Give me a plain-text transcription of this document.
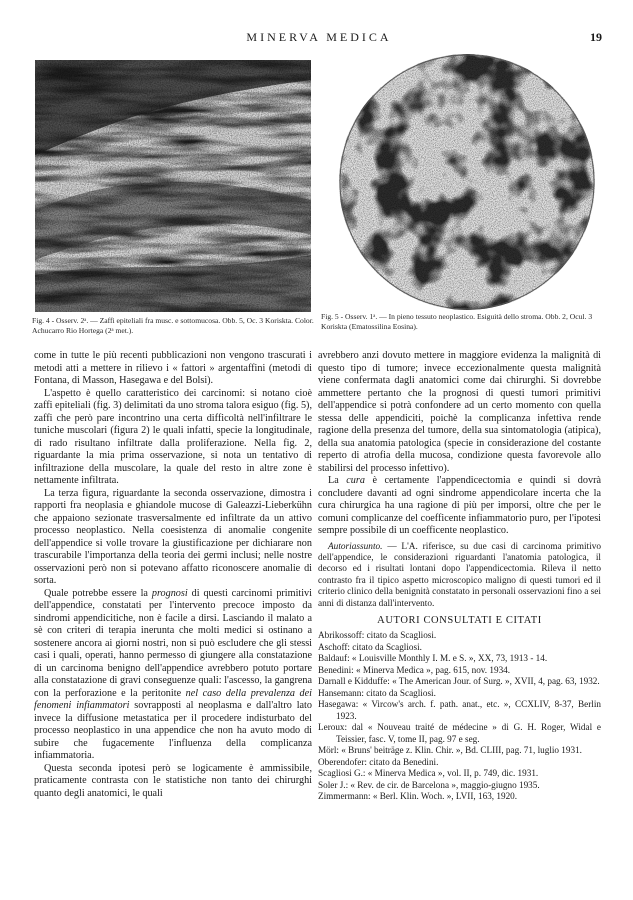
MINERVA MEDICA	19
Fig. 4 - Osserv. 2ᵃ. — Zaffi epiteliali fra musc. e sottomucosa. Obb. 5, Oc. 3 Koriskta. Color. Achucarro Rio Hortega (2ᵃ met.).
Fig. 5 - Osserv. 1ᵃ. — In pieno tessuto neoplastico. Esiguità dello stroma. Obb. 2, Ocul. 3 Koriskta (Ematossilina Eosina).

come in tutte le più recenti pubblicazioni non vengono trascurati i metodi atti a mettere in rilievo i « fattori » argentaffini (metodi di Fontana, di Masson, Hasegawa e del Bolsi).

L'aspetto è quello caratteristico dei carcinomi: si notano cioè zaffi epiteliali (fig. 3) delimitati da uno stroma talora esiguo (fig. 5), zaffi che però pare incontrino una certa difficoltà nell'infiltrare le tuniche muscolari (figura 2) le quali infatti, specie la longitudinale, di rado risultano infiltrate dalla proliferazione. Nella fig. 2, riguardante la mia prima osservazione, si nota un tentativo di infiltrazione della muscolare, la quale del resto in altre zone è nettamente infiltrata.

La terza figura, riguardante la seconda osservazione, dimostra i rapporti fra neoplasia e ghiandole mucose di Galeazzi-Lieberkühn che appaiono sezionate trasversalmente ed infiltrate da un attivo processo neoplastico. Nella coesistenza di anomalie congenite dell'appendice si volle trovare la giustificazione per dichiarare non trascurabile l'importanza della teoria dei germi inclusi; nelle nostre osservazioni però non si potevano affatto riconoscere anomalie di sorta.

Quale potrebbe essere la prognosi di questi carcinomi primitivi dell'appendice, constatati per l'intervento precoce imposto da sindromi appendicitiche, non è facile a dirsi. Lasciando il malato a sè con criteri di terapia inerunta che molti medici si ostinano a sostenere ancora ai giorni nostri, non si può escludere che gli stessi casi i quali, operati, hanno permesso di giungere alla constatazione di un carcinoma benigno dell'appendice avrebbero potuto portare alla constatazione di gravi conseguenze quali: l'ascesso, la gangrena con la perforazione e la peritonite nel caso della prevalenza dei fenomeni infiammatori sovrapposti al neoplasma e dall'altro lato invece la diffusione metastatica per il procedere indisturbato del processo neoplastico in una appendice che non ha avuto modo di subire che fugacemente l'influenza della complicanza infiammatoria.

Questa seconda ipotesi però se logicamente è ammissibile, praticamente contrasta con le statistiche non tanto dei chirurghi quanto degli anatomici, le quali

avrebbero anzi dovuto mettere in maggiore evidenza la malignità di questo tipo di tumore; invece eccezionalmente questa malignità viene confermata dagli anatomici come dai chirurghi. Si dovrebbe ammettere pertanto che la prognosi di questi tumori primitivi dell'appendice si potrà confondere ad un certo momento con quella stessa delle appendiciti, poichè la complicanza infettiva rende ragione della presenza del tumore, della sua sintomatologia (atipica), della sua anatomia patologica (specie in considerazione del costante reperto di atrofia della mucosa, condizione questa favorevole allo stabilirsi del processo infettivo).

La cura è certamente l'appendicectomia e quindi si dovrà concludere davanti ad ogni sindrome appendicolare incerta che la cura chirurgica ha una ragione di più per imporsi, oltre che per le comuni complicanze del coefficente infiammatorio puro, per l'ipotesi sempre possibile di un coefficente neoplastico.

Autoriassunto. — L'A. riferisce, su due casi di carcinoma primitivo dell'appendice, le considerazioni riguardanti l'anatomia patologica, il decorso ed i risultati lontani dopo l'appendicectomia. Rileva il netto contrasto fra il tipico aspetto microscopico maligno di questi tumori ed il criterio clinico della benignità constatato in personali osservazioni fino a sei anni di distanza dall'intervento.

AUTORI CONSULTATI E CITATI

Abrikossoff: citato da Scagliosi.
Aschoff: citato da Scagliosi.
Baldauf: « Louisville Monthly I. M. e S. », XX, 73, 1913 - 14.
Benedini: « Minerva Medica », pag. 615, nov. 1934.
Darnall e Kidduffe: « The American Jour. of Surg. », XVII, 4, pag. 63, 1932.
Hansemann: citato da Scagliosi.
Hasegawa: « Vircow's arch. f. path. anat., etc. », CCXLIV, 8-37, Berlin 1923.
Leroux: dal « Nouveau traité de médecine » di G. H. Roger, Widal e Teissier, fasc. V, tome II, pag. 97 e seg.
Mörl: « Bruns' beiträge z. Klin. Chir. », Bd. CLIII, pag. 71, luglio 1931.
Oberendofer: citato da Benedini.
Scagliosi G.: « Minerva Medica », vol. II, p. 749, dic. 1931.
Soler J.: « Rev. de cir. de Barcelona », maggio-giugno 1935.
Zimmermann: « Berl. Klin. Woch. », LVII, 163, 1920.
